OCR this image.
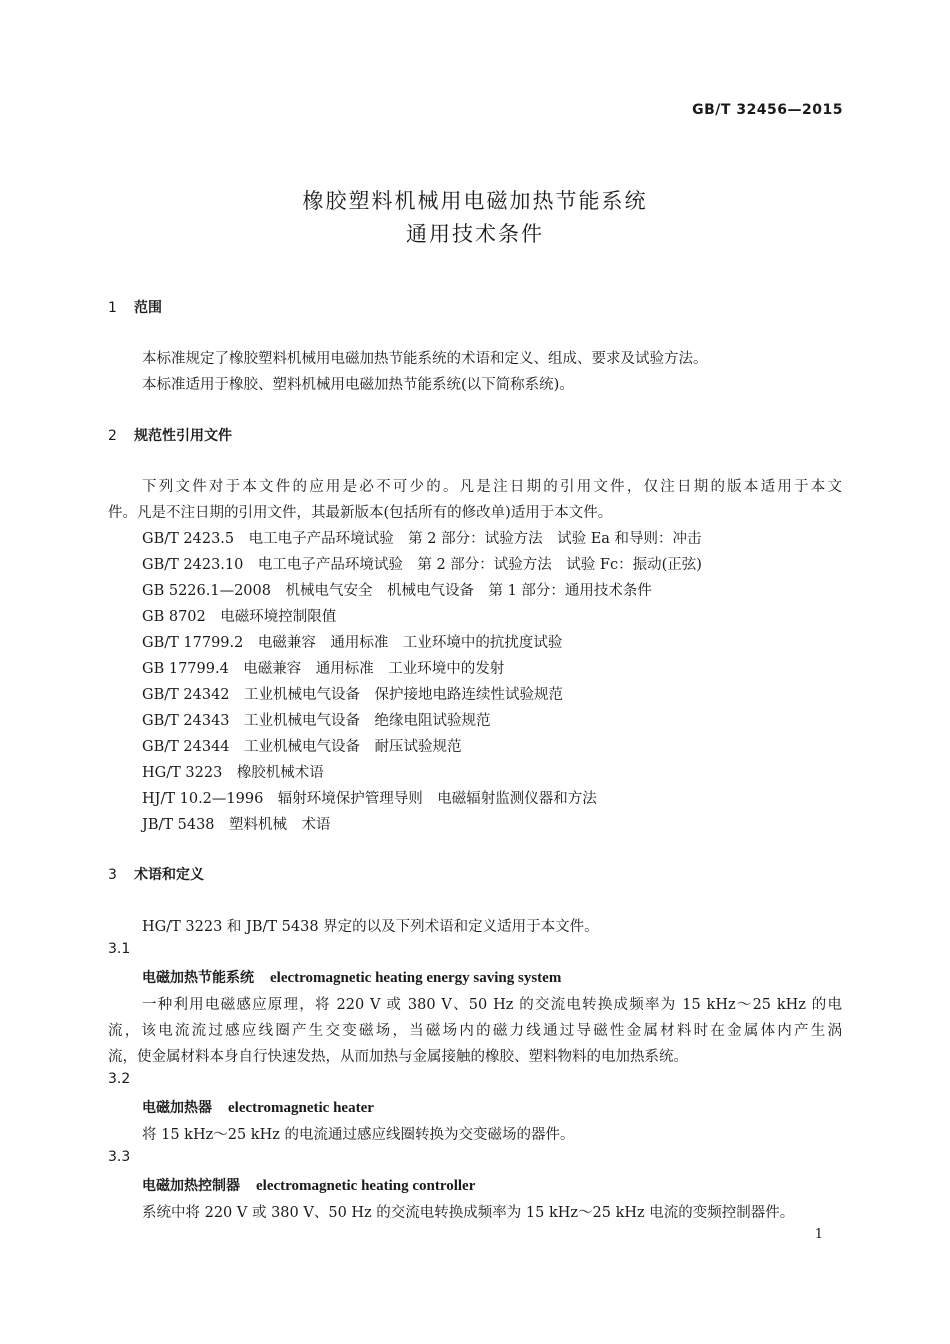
GB/T 32456—2015
橡胶塑料机械用电磁加热节能系统
通用技术条件
1 范围
本标准规定了橡胶塑料机械用电磁加热节能系统的术语和定义、组成、要求及试验方法。
本标准适用于橡胶、塑料机械用电磁加热节能系统(以下简称系统)。
2 规范性引用文件
下列文件对于本文件的应用是必不可少的。凡是注日期的引用文件，仅注日期的版本适用于本文
件。凡是不注日期的引用文件，其最新版本(包括所有的修改单)适用于本文件。
GB/T 2423.5　电工电子产品环境试验　第 2 部分：试验方法　试验 Ea 和导则：冲击
GB/T 2423.10　电工电子产品环境试验　第 2 部分：试验方法　试验 Fc：振动(正弦)
GB 5226.1—2008　机械电气安全　机械电气设备　第 1 部分：通用技术条件
GB 8702　电磁环境控制限值
GB/T 17799.2　电磁兼容　通用标准　工业环境中的抗扰度试验
GB 17799.4　电磁兼容　通用标准　工业环境中的发射
GB/T 24342　工业机械电气设备　保护接地电路连续性试验规范
GB/T 24343　工业机械电气设备　绝缘电阻试验规范
GB/T 24344　工业机械电气设备　耐压试验规范
HG/T 3223　橡胶机械术语
HJ/T 10.2—1996　辐射环境保护管理导则　电磁辐射监测仪器和方法
JB/T 5438　塑料机械　术语
3 术语和定义
HG/T 3223 和 JB/T 5438 界定的以及下列术语和定义适用于本文件。
3.1
电磁加热节能系统 electromagnetic heating energy saving system
一种利用电磁感应原理，将 220 V 或 380 V、50 Hz 的交流电转换成频率为 15 kHz～25 kHz 的电
流，该电流流过感应线圈产生交变磁场，当磁场内的磁力线通过导磁性金属材料时在金属体内产生涡
流，使金属材料本身自行快速发热，从而加热与金属接触的橡胶、塑料物料的电加热系统。
3.2
电磁加热器 electromagnetic heater
将 15 kHz～25 kHz 的电流通过感应线圈转换为交变磁场的器件。
3.3
电磁加热控制器 electromagnetic heating controller
系统中将 220 V 或 380 V、50 Hz 的交流电转换成频率为 15 kHz～25 kHz 电流的变频控制器件。
1
